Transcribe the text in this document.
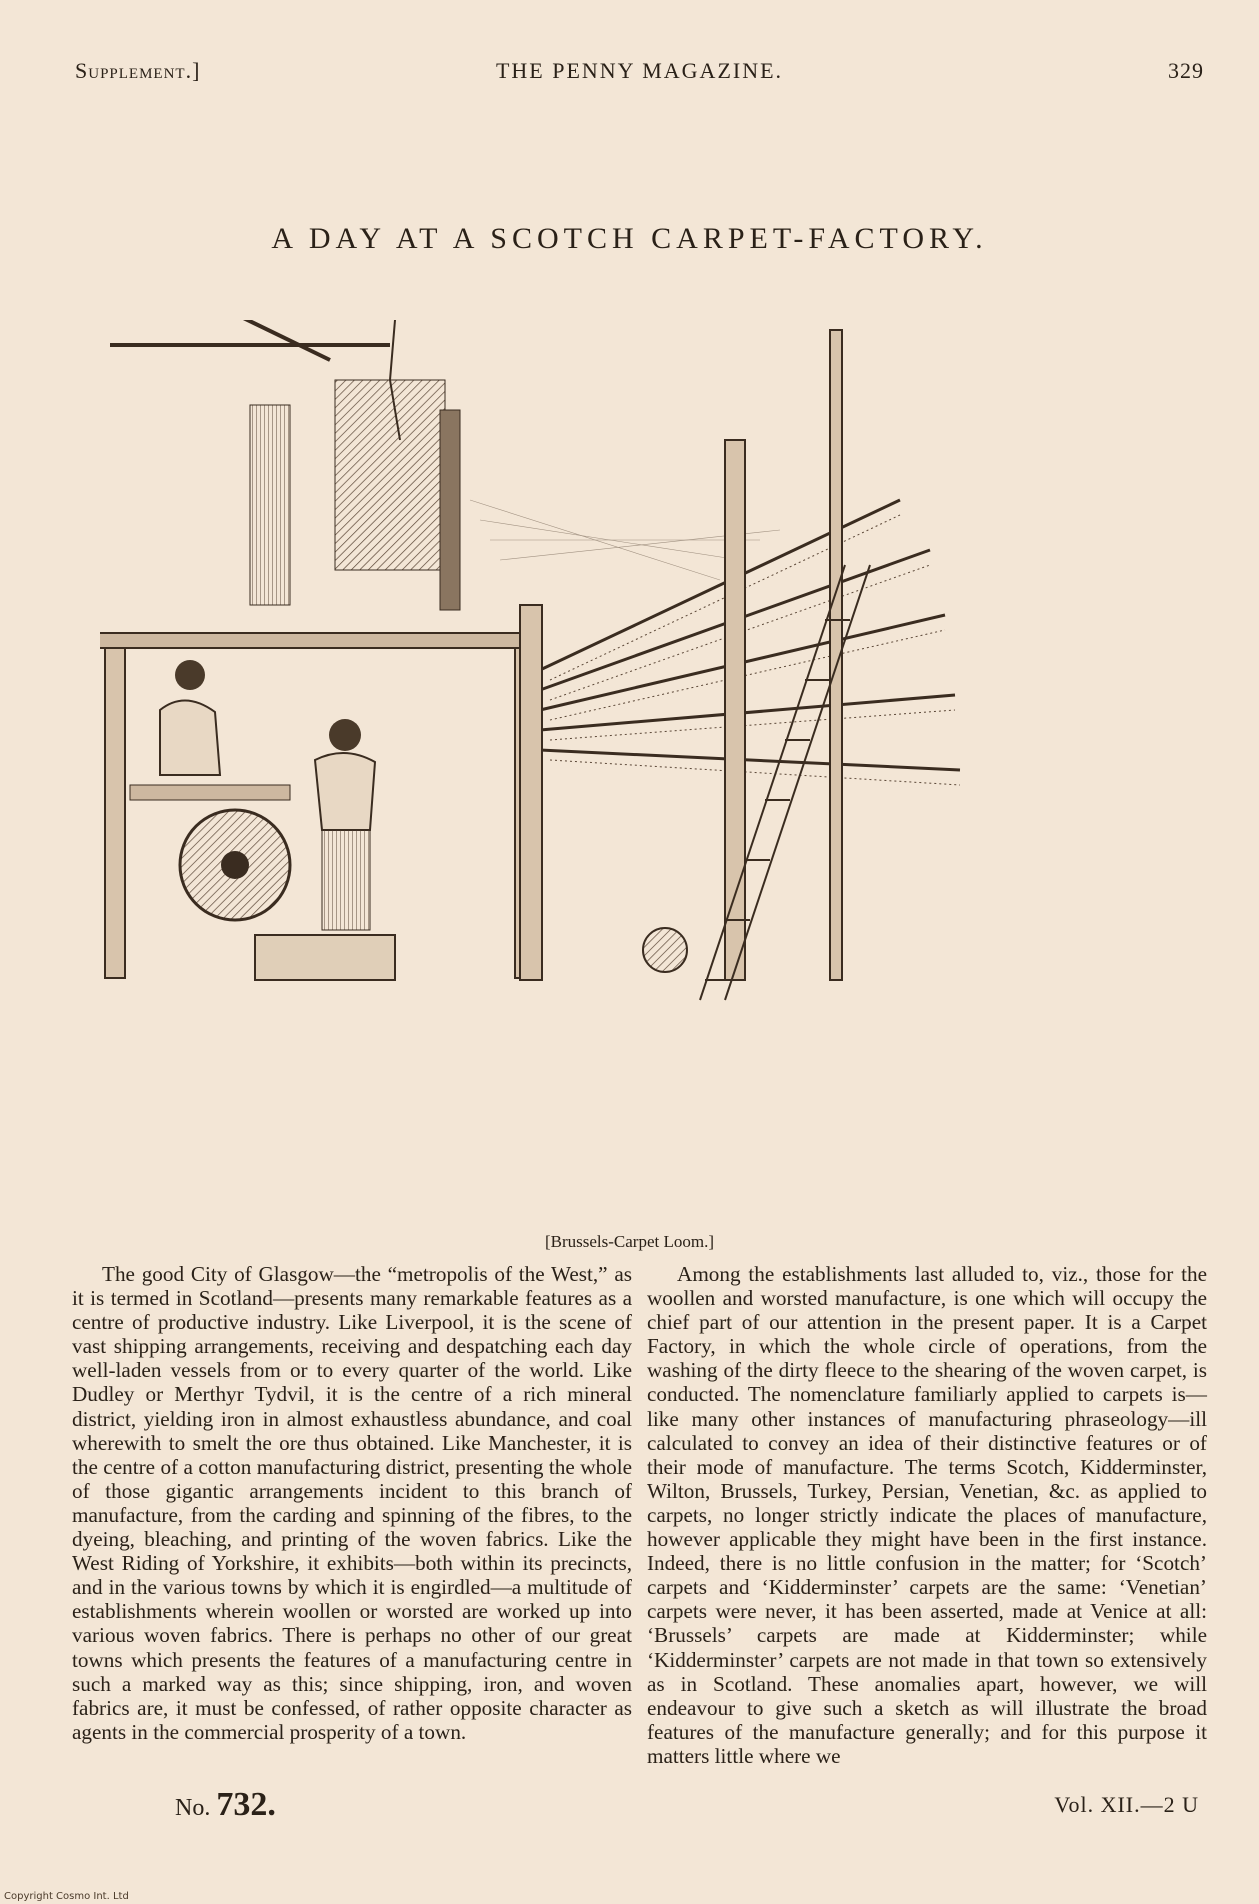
Supplement.]	THE PENNY MAGAZINE.	329
A DAY AT A SCOTCH CARPET-FACTORY.
[Brussels-Carpet Loom.]
The good City of Glasgow—the “metropolis of the West,” as it is termed in Scotland—presents many remarkable features as a centre of productive industry. Like Liverpool, it is the scene of vast shipping arrangements, receiving and despatching each day well-laden vessels from or to every quarter of the world. Like Dudley or Merthyr Tydvil, it is the centre of a rich mineral district, yielding iron in almost exhaustless abundance, and coal wherewith to smelt the ore thus obtained. Like Manchester, it is the centre of a cotton manufacturing district, presenting the whole of those gigantic arrangements incident to this branch of manufacture, from the carding and spinning of the fibres, to the dyeing, bleaching, and printing of the woven fabrics. Like the West Riding of Yorkshire, it exhibits—both within its precincts, and in the various towns by which it is engirdled—a multitude of establishments wherein woollen or worsted are worked up into various woven fabrics. There is perhaps no other of our great towns which presents the features of a manufacturing centre in such a marked way as this; since shipping, iron, and woven fabrics are, it must be confessed, of rather opposite character as agents in the commercial prosperity of a town.
Among the establishments last alluded to, viz., those for the woollen and worsted manufacture, is one which will occupy the chief part of our attention in the present paper. It is a Carpet Factory, in which the whole circle of operations, from the washing of the dirty fleece to the shearing of the woven carpet, is conducted. The nomenclature familiarly applied to carpets is—like many other instances of manufacturing phraseology—ill calculated to convey an idea of their distinctive features or of their mode of manufacture. The terms Scotch, Kidderminster, Wilton, Brussels, Turkey, Persian, Venetian, &c. as applied to carpets, no longer strictly indicate the places of manufacture, however applicable they might have been in the first instance. Indeed, there is no little confusion in the matter; for ‘Scotch’ carpets and ‘Kidderminster’ carpets are the same: ‘Venetian’ carpets were never, it has been asserted, made at Venice at all: ‘Brussels’ carpets are made at Kidderminster; while ‘Kidderminster’ carpets are not made in that town so extensively as in Scotland. These anomalies apart, however, we will endeavour to give such a sketch as will illustrate the broad features of the manufacture generally; and for this purpose it matters little where we
No. 732.	Vol. XII.—2 U
Copyright Cosmo Int. Ltd
